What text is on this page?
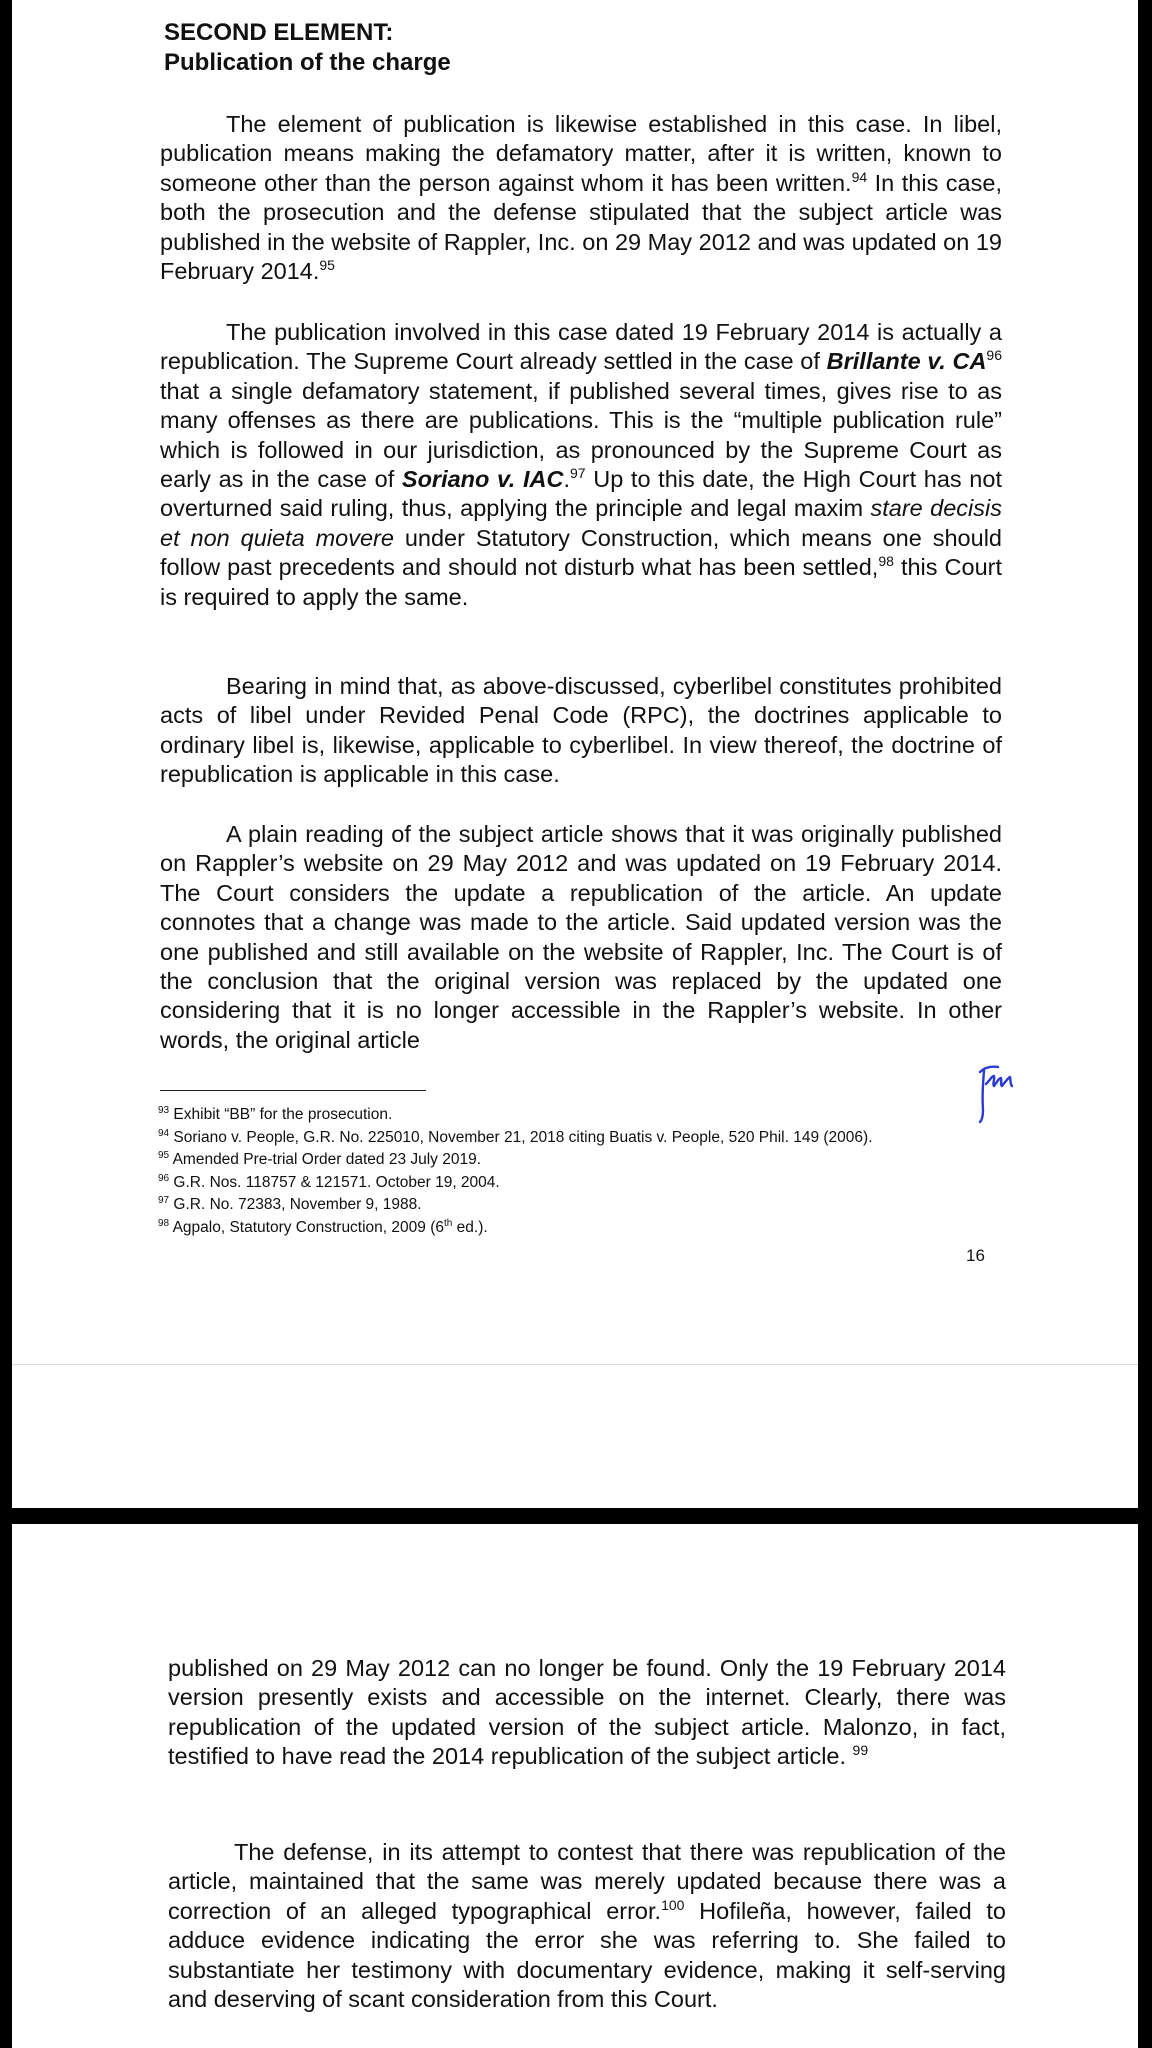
SECOND ELEMENT:
Publication of the charge

The element of publication is likewise established in this case. In libel, publication means making the defamatory matter, after it is written, known to someone other than the person against whom it has been written.$^{94}$ In this case, both the prosecution and the defense stipulated that the subject article was published in the website of Rappler, Inc. on 29 May 2012 and was updated on 19 February 2014.95

The publication involved in this case dated 19 February 2014 is actually a republication. The Supreme Court already settled in the case of Brillante v. CA$^{96}$ that a single defamatory statement, if published several times, gives rise to as many offenses as there are publications. This is the “multiple publication rule” which is followed in our jurisdiction, as pronounced by the Supreme Court as early as in the case of Soriano v. IAC.$^{97}$ Up to this date, the High Court has not overturned said ruling, thus, applying the principle and legal maxim stare decisis et non quieta movere under Statutory Construction, which means one should follow past precedents and should not disturb what has been settled,$^{98}$ this Court is required to apply the same.

Bearing in mind that, as above-discussed, cyberlibel constitutes prohibited acts of libel under Revided Penal Code (RPC), the doctrines applicable to ordinary libel is, likewise, applicable to cyberlibel. In view thereof, the doctrine of republication is applicable in this case.

A plain reading of the subject article shows that it was originally published on Rappler’s website on 29 May 2012 and was updated on 19 February 2014. The Court considers the update a republication of the article. An update connotes that a change was made to the article. Said updated version was the one published and still available on the website of Rappler, Inc. The Court is of the conclusion that the original version was replaced by the updated one considering that it is no longer accessible in the Rappler’s website. In other words, the original article

$^{93}$ Exhibit “BB” for the prosecution.
$^{94}$ Soriano v. People, G.R. No. 225010, November 21, 2018 citing Buatis v. People, 520 Phil. 149 (2006).
$^{95}$ Amended Pre-trial Order dated 23 July 2019.
$^{96}$ G.R. Nos. 118757 & 121571. October 19, 2004.
$^{97}$ G.R. No. 72383, November 9, 1988.
$^{98}$ Agpalo, Statutory Construction, 2009 (6th ed.).
16

published on 29 May 2012 can no longer be found. Only the 19 February 2014 version presently exists and accessible on the internet. Clearly, there was republication of the updated version of the subject article. Malonzo, in fact, testified to have read the 2014 republication of the subject article. $^{99}$

The defense, in its attempt to contest that there was republication of the article, maintained that the same was merely updated because there was a correction of an alleged typographical error.$^{100}$ Hofileña, however, failed to adduce evidence indicating the error she was referring to. She failed to substantiate her testimony with documentary evidence, making it self-serving and deserving of scant consideration from this Court.
